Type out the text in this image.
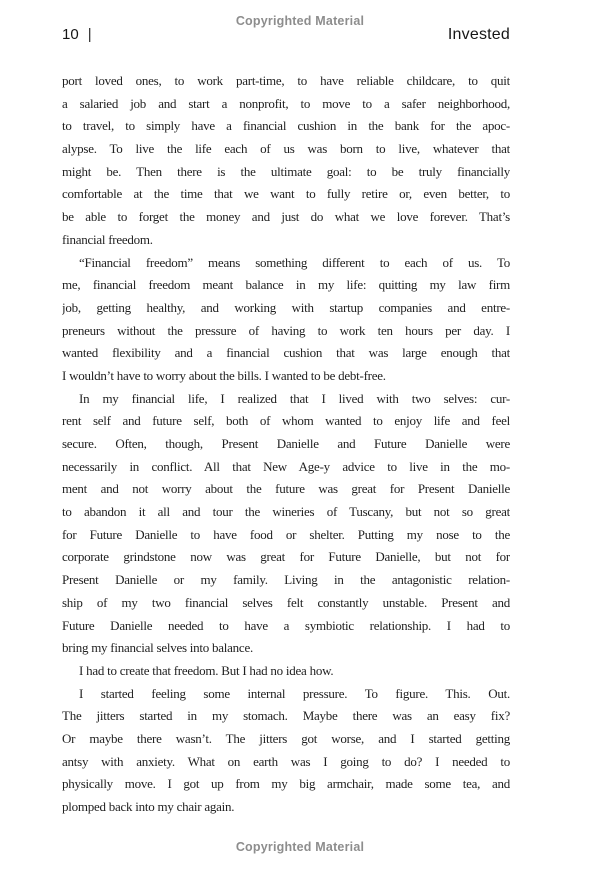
Copyrighted Material
10 |	Invested
port loved ones, to work part-time, to have reliable childcare, to quit
a salaried job and start a nonprofit, to move to a safer neighborhood,
to travel, to simply have a financial cushion in the bank for the apoc-
alypse. To live the life each of us was born to live, whatever that
might be. Then there is the ultimate goal: to be truly financially
comfortable at the time that we want to fully retire or, even better, to
be able to forget the money and just do what we love forever. That’s
financial freedom.
“Financial freedom” means something different to each of us. To
me, financial freedom meant balance in my life: quitting my law firm
job, getting healthy, and working with startup companies and entre-
preneurs without the pressure of having to work ten hours per day. I
wanted flexibility and a financial cushion that was large enough that
I wouldn’t have to worry about the bills. I wanted to be debt-free.
In my financial life, I realized that I lived with two selves: cur-
rent self and future self, both of whom wanted to enjoy life and feel
secure. Often, though, Present Danielle and Future Danielle were
necessarily in conflict. All that New Age-y advice to live in the mo-
ment and not worry about the future was great for Present Danielle
to abandon it all and tour the wineries of Tuscany, but not so great
for Future Danielle to have food or shelter. Putting my nose to the
corporate grindstone now was great for Future Danielle, but not for
Present Danielle or my family. Living in the antagonistic relation-
ship of my two financial selves felt constantly unstable. Present and
Future Danielle needed to have a symbiotic relationship. I had to
bring my financial selves into balance.
I had to create that freedom. But I had no idea how.
I started feeling some internal pressure. To figure. This. Out.
The jitters started in my stomach. Maybe there was an easy fix?
Or maybe there wasn’t. The jitters got worse, and I started getting
antsy with anxiety. What on earth was I going to do? I needed to
physically move. I got up from my big armchair, made some tea, and
plomped back into my chair again.
Copyrighted Material
